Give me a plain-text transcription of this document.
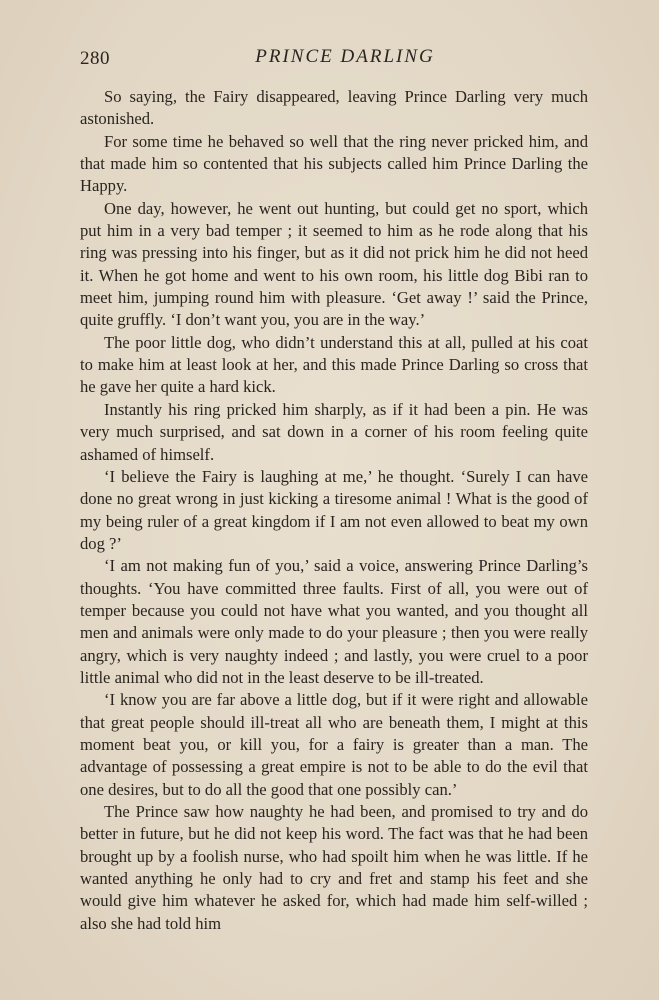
280	PRINCE DARLING

So saying, the Fairy disappeared, leaving Prince Darling very much astonished.

For some time he behaved so well that the ring never pricked him, and that made him so contented that his subjects called him Prince Darling the Happy.

One day, however, he went out hunting, but could get no sport, which put him in a very bad temper ; it seemed to him as he rode along that his ring was pressing into his finger, but as it did not prick him he did not heed it. When he got home and went to his own room, his little dog Bibi ran to meet him, jumping round him with pleasure. ‘Get away !’ said the Prince, quite gruffly. ‘I don’t want you, you are in the way.’

The poor little dog, who didn’t understand this at all, pulled at his coat to make him at least look at her, and this made Prince Darling so cross that he gave her quite a hard kick.

Instantly his ring pricked him sharply, as if it had been a pin. He was very much surprised, and sat down in a corner of his room feeling quite ashamed of himself.

‘I believe the Fairy is laughing at me,’ he thought. ‘Surely I can have done no great wrong in just kicking a tiresome animal ! What is the good of my being ruler of a great kingdom if I am not even allowed to beat my own dog ?’

‘I am not making fun of you,’ said a voice, answering Prince Darling’s thoughts. ‘You have committed three faults. First of all, you were out of temper because you could not have what you wanted, and you thought all men and animals were only made to do your pleasure ; then you were really angry, which is very naughty indeed ; and lastly, you were cruel to a poor little animal who did not in the least deserve to be ill-treated.

‘I know you are far above a little dog, but if it were right and allowable that great people should ill-treat all who are beneath them, I might at this moment beat you, or kill you, for a fairy is greater than a man. The advantage of possessing a great empire is not to be able to do the evil that one desires, but to do all the good that one possibly can.’

The Prince saw how naughty he had been, and promised to try and do better in future, but he did not keep his word. The fact was that he had been brought up by a foolish nurse, who had spoilt him when he was little. If he wanted anything he only had to cry and fret and stamp his feet and she would give him whatever he asked for, which had made him self-willed ; also she had told him
